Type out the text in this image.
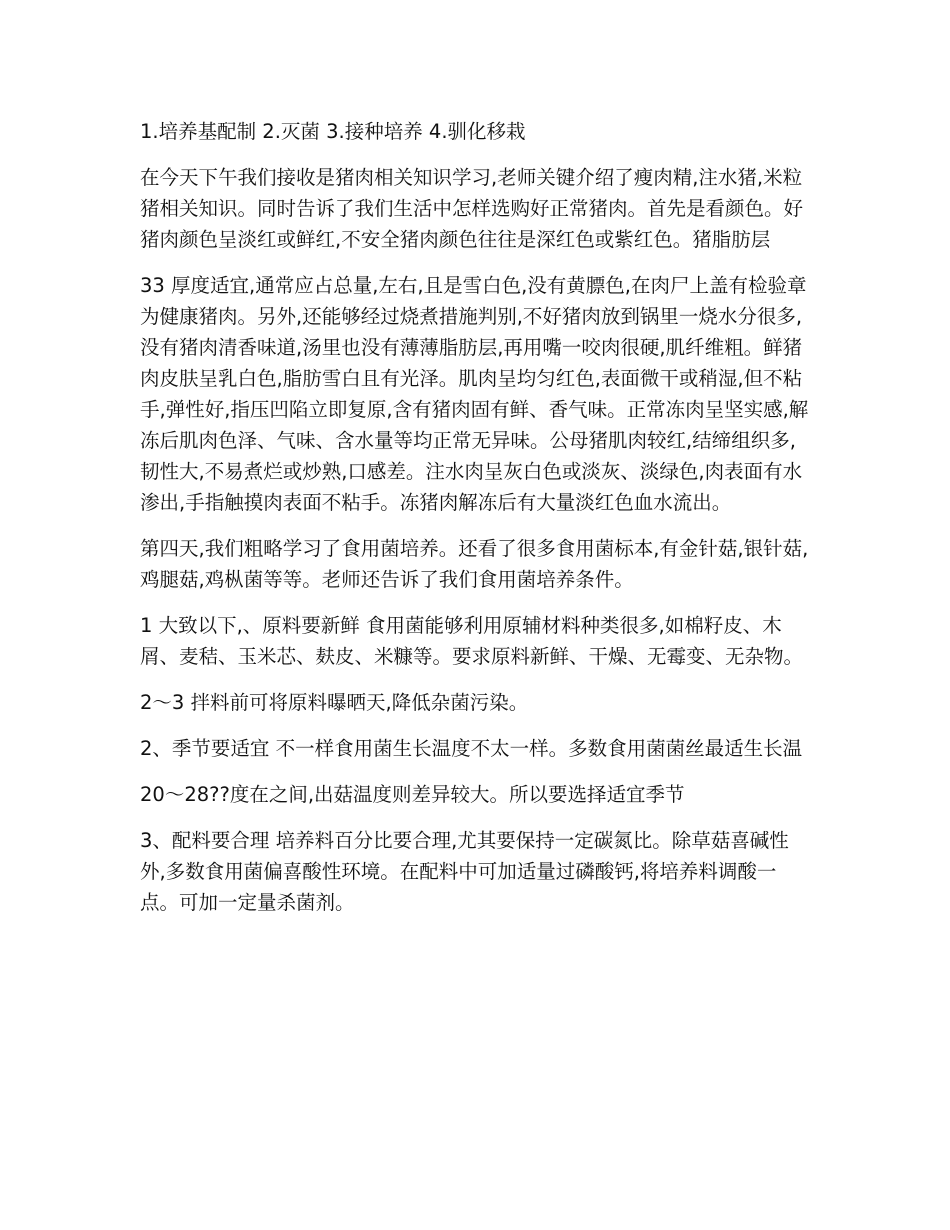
1.培养基配制 2.灭菌 3.接种培养 4.驯化移栽

在今天下午我们接收是猪肉相关知识学习,老师关键介绍了瘦肉精,注水猪,米粒猪相关知识。同时告诉了我们生活中怎样选购好正常猪肉。首先是看颜色。好猪肉颜色呈淡红或鲜红,不安全猪肉颜色往往是深红色或紫红色。猪脂肪层

33 厚度适宜,通常应占总量,左右,且是雪白色,没有黄膘色,在肉尸上盖有检验章为健康猪肉。另外,还能够经过烧煮措施判别,不好猪肉放到锅里一烧水分很多,没有猪肉清香味道,汤里也没有薄薄脂肪层,再用嘴一咬肉很硬,肌纤维粗。鲜猪肉皮肤呈乳白色,脂肪雪白且有光泽。肌肉呈均匀红色,表面微干或稍湿,但不粘手,弹性好,指压凹陷立即复原,含有猪肉固有鲜、香气味。正常冻肉呈坚实感,解冻后肌肉色泽、气味、含水量等均正常无异味。公母猪肌肉较红,结缔组织多,韧性大,不易煮烂或炒熟,口感差。注水肉呈灰白色或淡灰、淡绿色,肉表面有水渗出,手指触摸肉表面不粘手。冻猪肉解冻后有大量淡红色血水流出。

第四天,我们粗略学习了食用菌培养。还看了很多食用菌标本,有金针菇,银针菇,鸡腿菇,鸡枞菌等等。老师还告诉了我们食用菌培养条件。

1 大致以下,、原料要新鲜 食用菌能够利用原辅材料种类很多,如棉籽皮、木屑、麦秸、玉米芯、麸皮、米糠等。要求原料新鲜、干燥、无霉变、无杂物。

2～3 拌料前可将原料曝晒天,降低杂菌污染。

2、季节要适宜 不一样食用菌生长温度不太一样。多数食用菌菌丝最适生长温

20～28??度在之间,出菇温度则差异较大。所以要选择适宜季节

3、配料要合理 培养料百分比要合理,尤其要保持一定碳氮比。除草菇喜碱性外,多数食用菌偏喜酸性环境。在配料中可加适量过磷酸钙,将培养料调酸一点。可加一定量杀菌剂。
